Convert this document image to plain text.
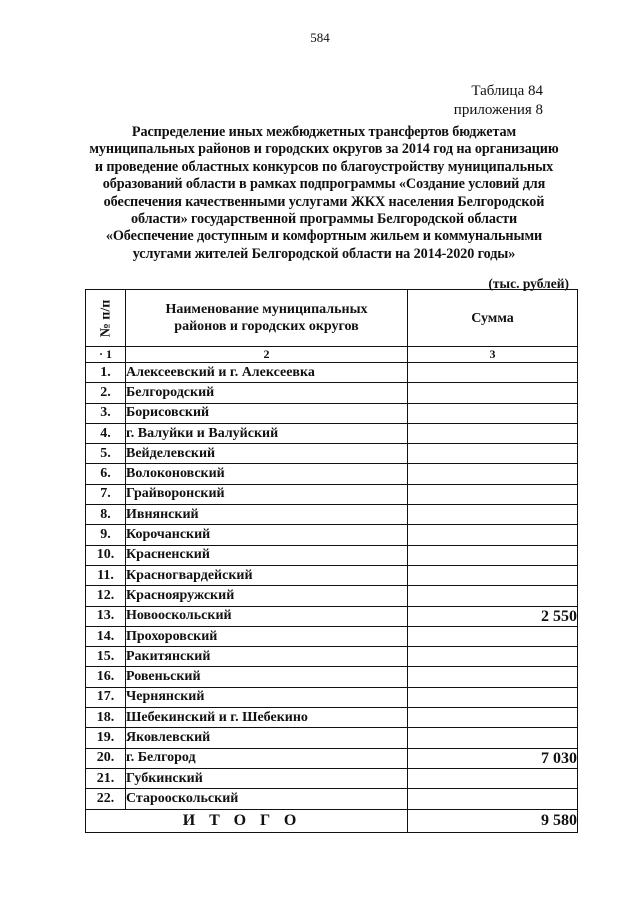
584
Таблица 84
приложения 8
Распределение иных межбюджетных трансфертов бюджетам
муниципальных районов и городских округов за 2014 год на организацию
и проведение областных конкурсов по благоустройству муниципальных
образований области в рамках подпрограммы «Создание условий для
обеспечения качественными услугами ЖКХ населения Белгородской
области» государственной программы Белгородской области
«Обеспечение доступным и комфортным жильем и коммунальными
услугами жителей Белгородской области на 2014-2020 годы»
(тыс. рублей)
№ п/п	Наименование муниципальных
районов и городских округов	Сумма
· 1	2	3
1.	Алексеевский и г. Алексеевка	
2.	Белгородский	
3.	Борисовский	
4.	г. Валуйки и Валуйский	
5.	Вейделевский	
6.	Волоконовский	
7.	Грайворонский	
8.	Ивнянский	
9.	Корочанский	
10.	Красненский	
11.	Красногвардейский	
12.	Краснояружский	
13.	Новооскольский	2 550
14.	Прохоровский	
15.	Ракитянский	
16.	Ровеньский	
17.	Чернянский	
18.	Шебекинский и г. Шебекино	
19.	Яковлевский	
20.	г. Белгород	7 030
21.	Губкинский	
22.	Старооскольский	
ИТОГО		9 580
